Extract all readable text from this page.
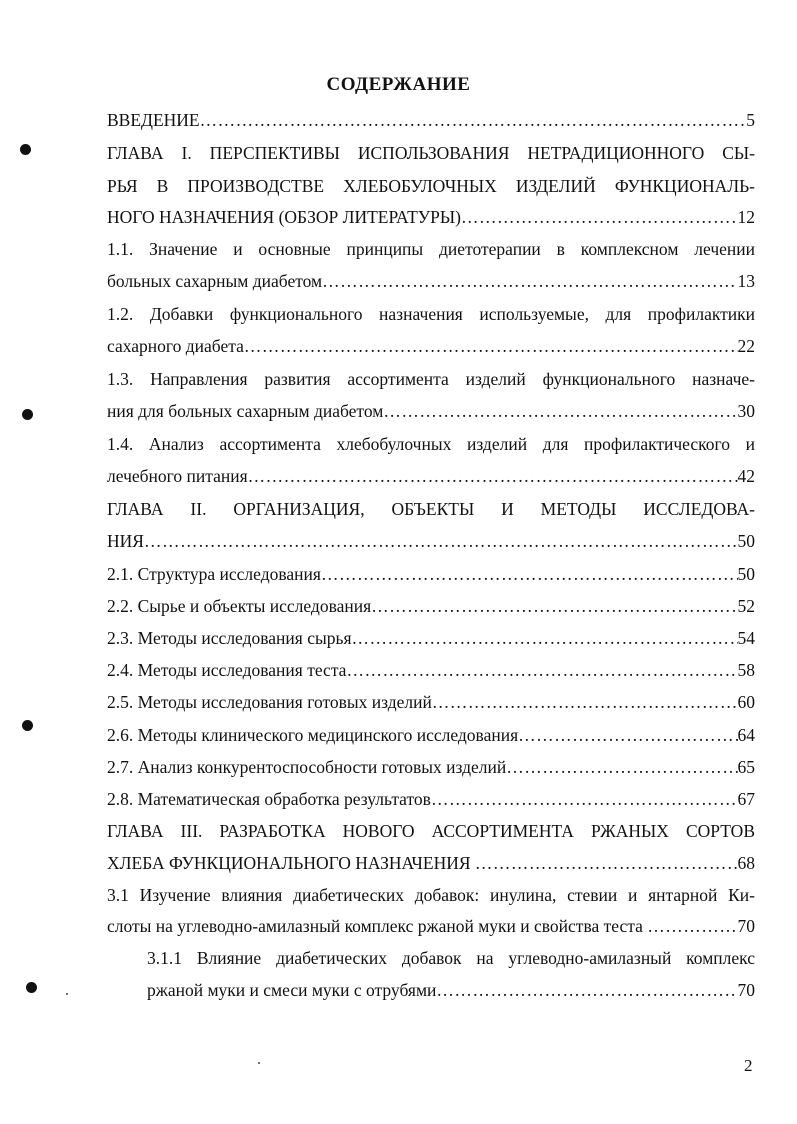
СОДЕРЖАНИЕ
ВВЕДЕНИЕ ………………………………………………………………………………………………………………………………………………………………………………………………………………………………………………………………………	5
ГЛАВА I. ПЕРСПЕКТИВЫ ИСПОЛЬЗОВАНИЯ НЕТРАДИЦИОННОГО СЫ-
РЬЯ В ПРОИЗВОДСТВЕ ХЛЕБОБУЛОЧНЫХ ИЗДЕЛИЙ ФУНКЦИОНАЛЬ-
НОГО НАЗНАЧЕНИЯ (ОБЗОР ЛИТЕРАТУРЫ) ………………………………………………………………………………………………………………………………………………………………………………………………………………………………………………………………………	12
1.1. Значение и основные принципы диетотерапии в комплексном лечении
больных сахарным диабетом ………………………………………………………………………………………………………………………………………………………………………………………………………………………………………………………………………	13
1.2. Добавки функционального назначения используемые, для профилактики
сахарного диабета ………………………………………………………………………………………………………………………………………………………………………………………………………………………………………………………………………	22
1.3. Направления развития ассортимента изделий функционального назначе-
ния для больных сахарным диабетом ………………………………………………………………………………………………………………………………………………………………………………………………………………………………………………………………………	30
1.4. Анализ ассортимента хлебобулочных изделий для профилактического и
лечебного питания ………………………………………………………………………………………………………………………………………………………………………………………………………………………………………………………………………	42
ГЛАВА II. ОРГАНИЗАЦИЯ, ОБЪЕКТЫ И МЕТОДЫ ИССЛЕДОВА-
НИЯ ………………………………………………………………………………………………………………………………………………………………………………………………………………………………………………………………………	50
2.1. Структура исследования ………………………………………………………………………………………………………………………………………………………………………………………………………………………………………………………………………	50
2.2. Сырье и объекты исследования ………………………………………………………………………………………………………………………………………………………………………………………………………………………………………………………………………	52
2.3. Методы исследования сырья ………………………………………………………………………………………………………………………………………………………………………………………………………………………………………………………………………	54
2.4. Методы исследования теста ………………………………………………………………………………………………………………………………………………………………………………………………………………………………………………………………………	58
2.5. Методы исследования готовых изделий ………………………………………………………………………………………………………………………………………………………………………………………………………………………………………………………………………	60
2.6. Методы клинического медицинского исследования ………………………………………………………………………………………………………………………………………………………………………………………………………………………………………………………………………	64
2.7. Анализ конкурентоспособности готовых изделий ………………………………………………………………………………………………………………………………………………………………………………………………………………………………………………………………………	65
2.8. Математическая обработка результатов ………………………………………………………………………………………………………………………………………………………………………………………………………………………………………………………………………	67
ГЛАВА III. РАЗРАБОТКА НОВОГО АССОРТИМЕНТА РЖАНЫХ СОРТОВ
ХЛЕБА ФУНКЦИОНАЛЬНОГО НАЗНАЧЕНИЯ ………………………………………………………………………………………………………………………………………………………………………………………………………………………………………………………………………	68
3.1 Изучение влияния диабетических добавок: инулина, стевии и янтарной Ки-
слоты на углеводно-амилазный комплекс ржаной муки и свойства теста ………………………………………………………………………………………………………………………………………………………………………………………………………………………………………………………………………	70
3.1.1 Влияние диабетических добавок на углеводно-амилазный комплекс
ржаной муки и смеси муки с отрубями ………………………………………………………………………………………………………………………………………………………………………………………………………………………………………………………………………	70
2
